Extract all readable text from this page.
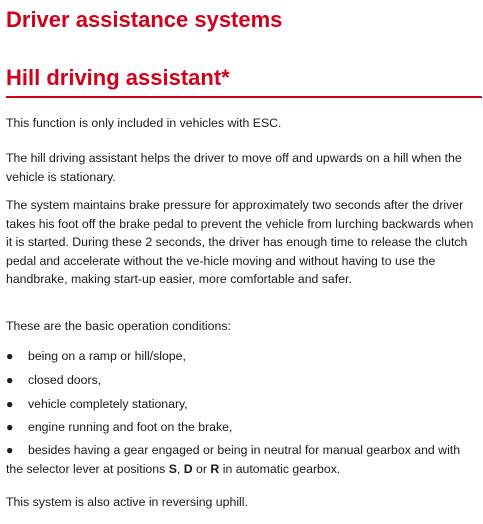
Driver assistance systems
Hill driving assistant*

This function is only included in vehicles with ESC.

The hill driving assistant helps the driver to move off and upwards on a hill when the vehicle is stationary.

The system maintains brake pressure for approximately two seconds after the driver takes his foot off the brake pedal to prevent the vehicle from lurching backwards when it is started. During these 2 seconds, the driver has enough time to release the clutch pedal and accelerate without the ve-hicle moving and without having to use the handbrake, making start-up easier, more comfortable and safer.

These are the basic operation conditions:

● being on a ramp or hill/slope,
● closed doors,
● vehicle completely stationary,
● engine running and foot on the brake,
● besides having a gear engaged or being in neutral for manual gearbox and with the selector lever at positions S, D or R in automatic gearbox.

This system is also active in reversing uphill.
